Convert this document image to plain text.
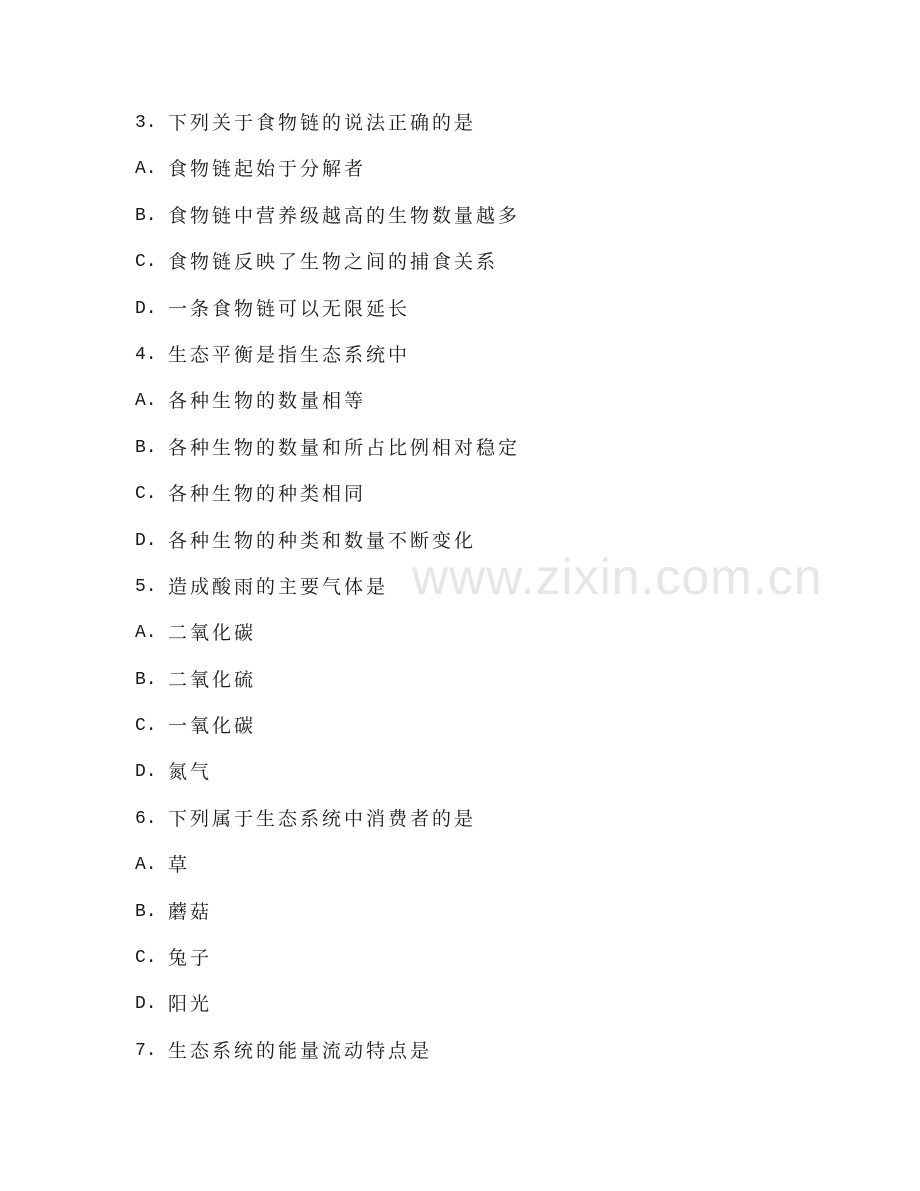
www.zixin.com.cn
3. 下列关于食物链的说法正确的是
A. 食物链起始于分解者
B. 食物链中营养级越高的生物数量越多
C. 食物链反映了生物之间的捕食关系
D. 一条食物链可以无限延长
4. 生态平衡是指生态系统中
A. 各种生物的数量相等
B. 各种生物的数量和所占比例相对稳定
C. 各种生物的种类相同
D. 各种生物的种类和数量不断变化
5. 造成酸雨的主要气体是
A. 二氧化碳
B. 二氧化硫
C. 一氧化碳
D. 氮气
6. 下列属于生态系统中消费者的是
A. 草
B. 蘑菇
C. 兔子
D. 阳光
7. 生态系统的能量流动特点是
